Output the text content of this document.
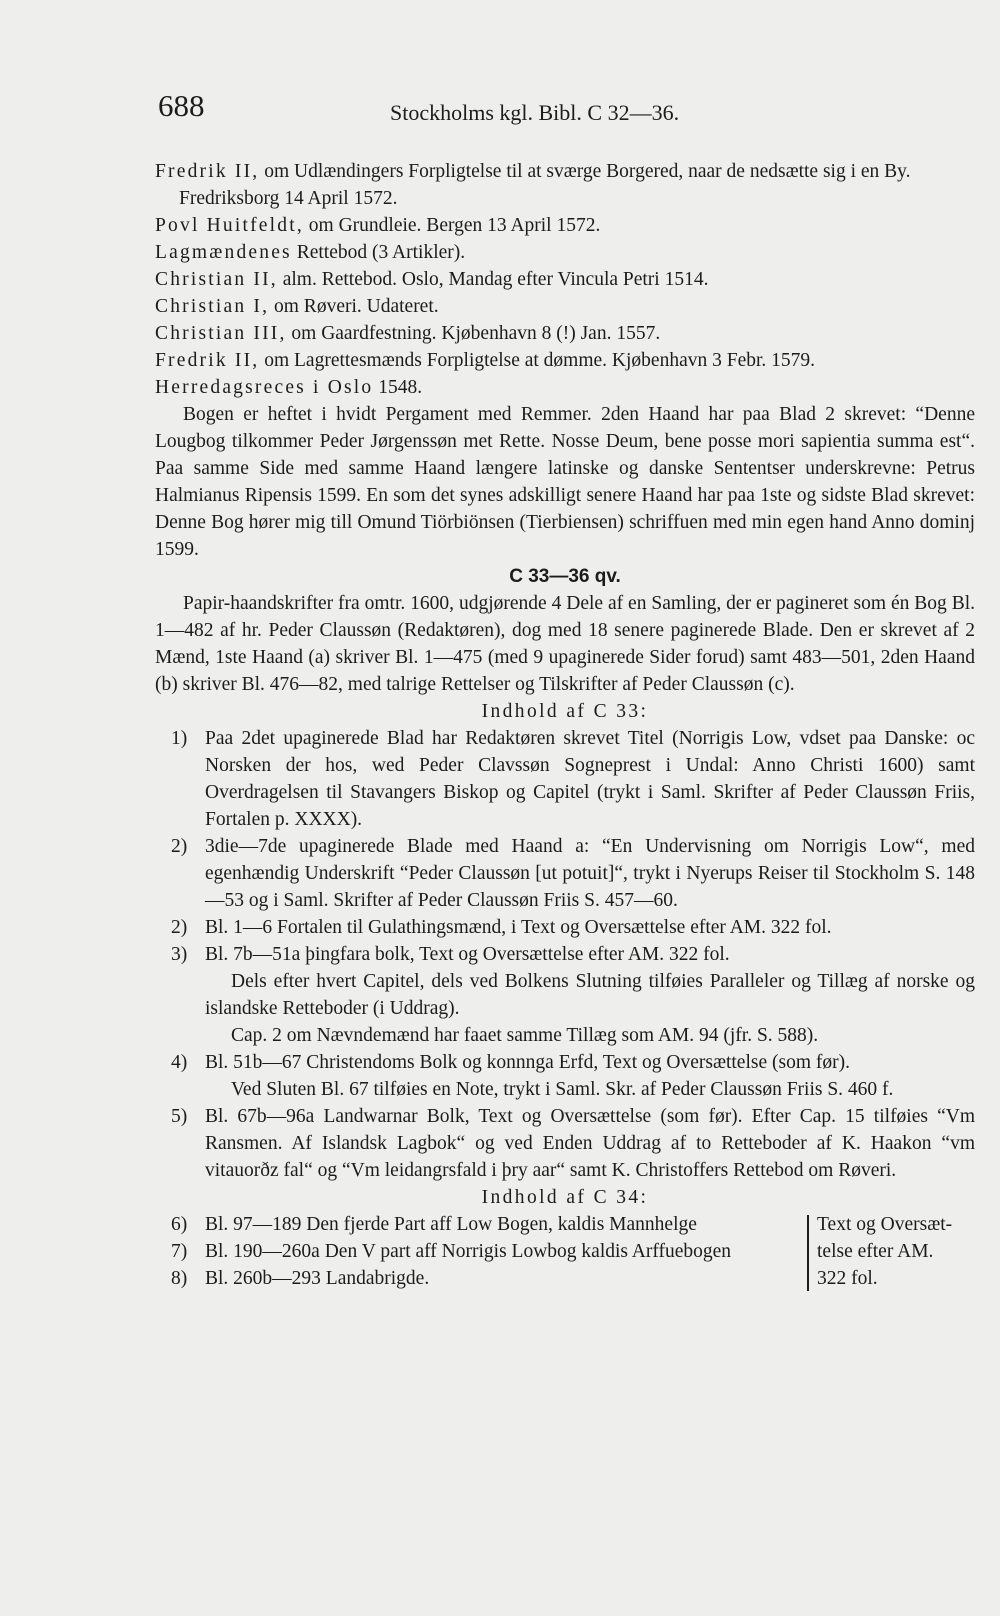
688	Stockholms kgl. Bibl. C 32—36.

Fredrik II, om Udlændingers Forpligtelse til at sværge Borgered, naar de nedsætte sig i en By. Fredriksborg 14 April 1572.

Povl Huitfeldt, om Grundleie. Bergen 13 April 1572.

Lagmændenes Rettebod (3 Artikler).

Christian II, alm. Rettebod. Oslo, Mandag efter Vincula Petri 1514.

Christian I, om Røveri. Udateret.

Christian III, om Gaardfestning. Kjøbenhavn 8 (!) Jan. 1557.

Fredrik II, om Lagrettesmænds Forpligtelse at dømme. Kjøbenhavn 3 Febr. 1579.

Herredagsreces i Oslo 1548.

Bogen er heftet i hvidt Pergament med Remmer. 2den Haand har paa Blad 2 skrevet: “Denne Lougbog tilkommer Peder Jørgenssøn met Rette. Nosse Deum, bene posse mori sapientia summa est“. Paa samme Side med samme Haand længere latinske og danske Sententser underskrevne: Petrus Halmianus Ripensis 1599. En som det synes adskilligt senere Haand har paa 1ste og sidste Blad skrevet: Denne Bog hører mig till Omund Tiörbiönsen (Tierbiensen) schriffuen med min egen hand Anno dominj 1599.

C 33—36 qv.

Papir-haandskrifter fra omtr. 1600, udgjørende 4 Dele af en Samling, der er pagineret som én Bog Bl. 1—482 af hr. Peder Claussøn (Redaktøren), dog med 18 senere paginerede Blade. Den er skrevet af 2 Mænd, 1ste Haand (a) skriver Bl. 1—475 (med 9 upaginerede Sider forud) samt 483—501, 2den Haand (b) skriver Bl. 476—82, med talrige Rettelser og Tilskrifter af Peder Claussøn (c).

Indhold af C 33:

1) Paa 2det upaginerede Blad har Redaktøren skrevet Titel (Norrigis Low, vdset paa Danske: oc Norsken der hos, wed Peder Clavssøn Sogneprest i Undal: Anno Christi 1600) samt Overdragelsen til Stavangers Biskop og Capitel (trykt i Saml. Skrifter af Peder Claussøn Friis, Fortalen p. XXXX).

2) 3die—7de upaginerede Blade med Haand a: “En Undervisning om Norrigis Low“, med egenhændig Underskrift “Peder Claussøn [ut potuit]“, trykt i Nyerups Reiser til Stockholm S. 148—53 og i Saml. Skrifter af Peder Claussøn Friis S. 457—60.

2) Bl. 1—6 Fortalen til Gulathingsmænd, i Text og Oversættelse efter AM. 322 fol.

3) Bl. 7b—51a þingfara bolk, Text og Oversættelse efter AM. 322 fol.

Dels efter hvert Capitel, dels ved Bolkens Slutning tilføies Paralleler og Tillæg af norske og islandske Retteboder (i Uddrag).

Cap. 2 om Nævndemænd har faaet samme Tillæg som AM. 94 (jfr. S. 588).

4) Bl. 51b—67 Christendoms Bolk og konnnga Erfd, Text og Oversættelse (som før).

Ved Sluten Bl. 67 tilføies en Note, trykt i Saml. Skr. af Peder Claussøn Friis S. 460 f.

5) Bl. 67b—96a Landwarnar Bolk, Text og Oversættelse (som før). Efter Cap. 15 tilføies “Vm Ransmen. Af Islandsk Lagbok“ og ved Enden Uddrag af to Retteboder af K. Haakon “vm vitauorðz fal“ og “Vm leidangrsfald i þry aar“ samt K. Christoffers Rettebod om Røveri.

Indhold af C 34:

6) Bl. 97—189 Den fjerde Part aff Low Bogen, kaldis Mannhelge
7) Bl. 190—260a Den V part aff Norrigis Lowbog kaldis Arffuebogen
8) Bl. 260b—293 Landabrigde.
Text og Oversæt-
telse efter AM.
322 fol.
